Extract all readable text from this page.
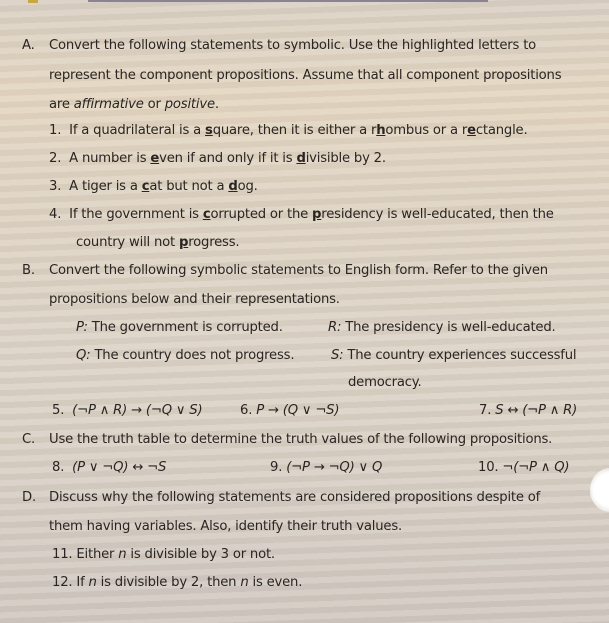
A. Convert the following statements to symbolic. Use the highlighted letters to
represent the component propositions. Assume that all component propositions
are affirmative or positive.
1. If a quadrilateral is a square, then it is either a rhombus or a rectangle.
2. A number is even if and only if it is divisible by 2.
3. A tiger is a cat but not a dog.
4. If the government is corrupted or the presidency is well-educated, then the
country will not progress.
B. Convert the following symbolic statements to English form. Refer to the given
propositions below and their representations.
P: The government is corrupted.	R: The presidency is well-educated.
Q: The country does not progress.	S: The country experiences successful
democracy.
5. (¬P ∧ R) → (¬Q ∨ S)	6. P → (Q ∨ ¬S)	7. S ↔ (¬P ∧ R)
C. Use the truth table to determine the truth values of the following propositions.
8. (P ∨ ¬Q) ↔ ¬S	9. (¬P → ¬Q) ∨ Q	10. ¬(¬P ∧ Q)
D. Discuss why the following statements are considered propositions despite of
them having variables. Also, identify their truth values.
11. Either n is divisible by 3 or not.
12. If n is divisible by 2, then n is even.
